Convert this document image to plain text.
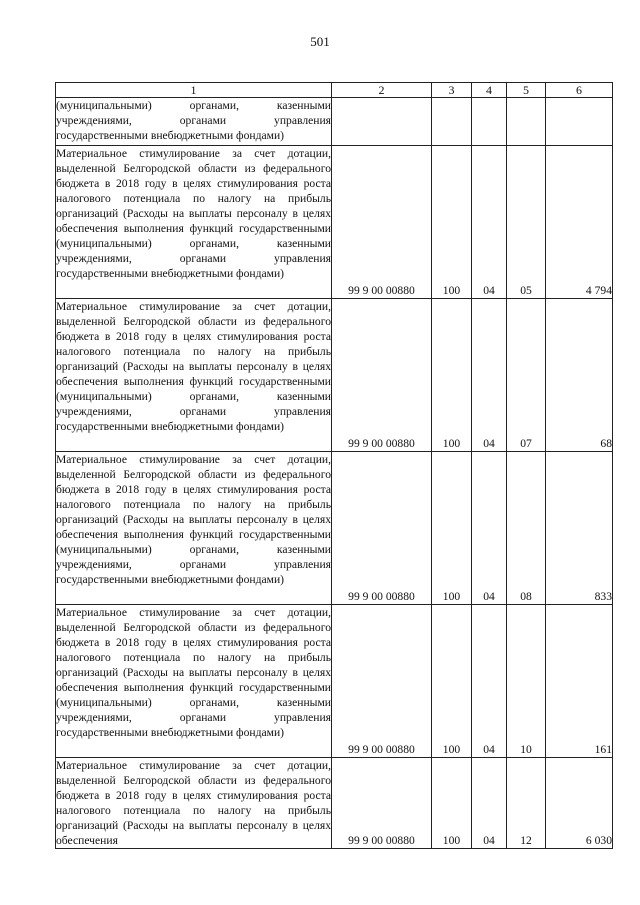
501
1	2	3	4	5	6
(муниципальными) органами, казенными учреждениями, органами управления государственными внебюджетными фондами)					
Материальное стимулирование за счет дотации, выделенной Белгородской области из федерального бюджета в 2018 году в целях стимулирования роста налогового потенциала по налогу на прибыль организаций (Расходы на выплаты персоналу в целях обеспечения выполнения функций государственными (муниципальными) органами, казенными учреждениями, органами управления государственными внебюджетными фондами)	99 9 00 00880	100	04	05	4 794
Материальное стимулирование за счет дотации, выделенной Белгородской области из федерального бюджета в 2018 году в целях стимулирования роста налогового потенциала по налогу на прибыль организаций (Расходы на выплаты персоналу в целях обеспечения выполнения функций государственными (муниципальными) органами, казенными учреждениями, органами управления государственными внебюджетными фондами)	99 9 00 00880	100	04	07	68
Материальное стимулирование за счет дотации, выделенной Белгородской области из федерального бюджета в 2018 году в целях стимулирования роста налогового потенциала по налогу на прибыль организаций (Расходы на выплаты персоналу в целях обеспечения выполнения функций государственными (муниципальными) органами, казенными учреждениями, органами управления государственными внебюджетными фондами)	99 9 00 00880	100	04	08	833
Материальное стимулирование за счет дотации, выделенной Белгородской области из федерального бюджета в 2018 году в целях стимулирования роста налогового потенциала по налогу на прибыль организаций (Расходы на выплаты персоналу в целях обеспечения выполнения функций государственными (муниципальными) органами, казенными учреждениями, органами управления государственными внебюджетными фондами)	99 9 00 00880	100	04	10	161
Материальное стимулирование за счет дотации, выделенной Белгородской области из федерального бюджета в 2018 году в целях стимулирования роста налогового потенциала по налогу на прибыль организаций (Расходы на выплаты персоналу в целях обеспечения	99 9 00 00880	100	04	12	6 030
